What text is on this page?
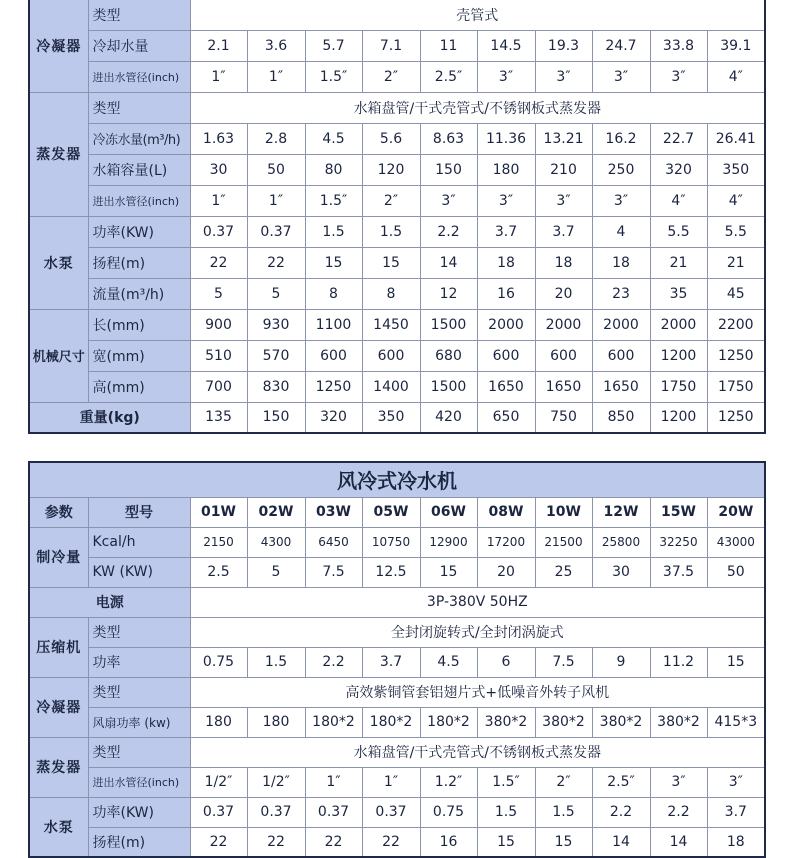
冷凝器	类型	壳管式									
	冷却水量	2.1	3.6	5.7	7.1	11	14.5	19.3	24.7	33.8	39.1
	进出水管径(inch)	1″	1″	1.5″	2″	2.5″	3″	3″	3″	3″	4″
蒸发器	类型	水箱盘管/干式壳管式/不锈钢板式蒸发器									
	冷冻水量(m³/h)	1.63	2.8	4.5	5.6	8.63	11.36	13.21	16.2	22.7	26.41
	水箱容量(L)	30	50	80	120	150	180	210	250	320	350
	进出水管径(inch)	1″	1″	1.5″	2″	3″	3″	3″	3″	4″	4″
水泵	功率(KW)	0.37	0.37	1.5	1.5	2.2	3.7	3.7	4	5.5	5.5
	扬程(m)	22	22	15	15	14	18	18	18	21	21
	流量(m³/h)	5	5	8	8	12	16	20	23	35	45
机械尺寸	长(mm)	900	930	1100	1450	1500	2000	2000	2000	2000	2200
	宽(mm)	510	570	600	600	680	600	600	600	1200	1250
	高(mm)	700	830	1250	1400	1500	1650	1650	1650	1750	1750
重量(kg)		135	150	320	350	420	650	750	850	1200	1250
风冷式冷水机											
参数	型号	01W	02W	03W	05W	06W	08W	10W	12W	15W	20W
制冷量	Kcal/h	2150	4300	6450	10750	12900	17200	21500	25800	32250	43000
	KW (KW)	2.5	5	7.5	12.5	15	20	25	30	37.5	50
电源		3P-380V 50HZ									
压缩机	类型	全封闭旋转式/全封闭涡旋式									
	功率	0.75	1.5	2.2	3.7	4.5	6	7.5	9	11.2	15
冷凝器	类型	高效紫铜管套铝翅片式+低噪音外转子风机									
	风扇功率 (kw)	180	180	180*2	180*2	180*2	380*2	380*2	380*2	380*2	415*3
蒸发器	类型	水箱盘管/干式壳管式/不锈钢板式蒸发器									
	进出水管径(inch)	1/2″	1/2″	1″	1″	1.2″	1.5″	2″	2.5″	3″	3″
水泵	功率(KW)	0.37	0.37	0.37	0.37	0.75	1.5	1.5	2.2	2.2	3.7
	扬程(m)	22	22	22	22	16	15	15	14	14	18
